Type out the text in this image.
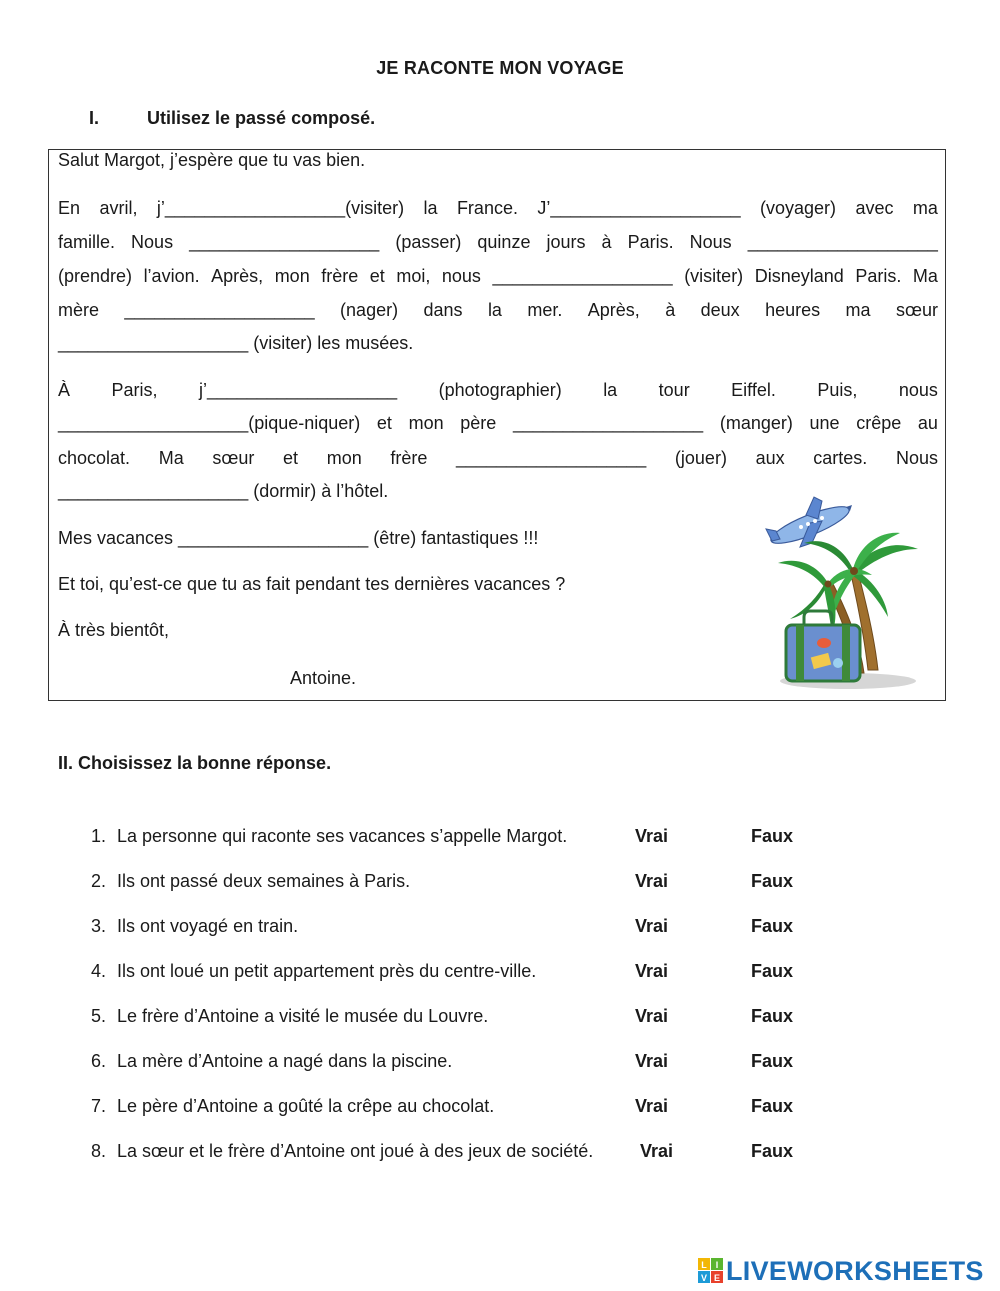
JE RACONTE MON VOYAGE
I.	Utilisez le passé composé.
Salut Margot, j’espère que tu vas bien.
En avril, j’__________________(visiter) la France. J’___________________ (voyager) avec ma
famille. Nous ___________________ (passer) quinze jours à Paris. Nous ___________________
(prendre) l’avion. Après, mon frère et moi, nous __________________ (visiter) Disneyland Paris. Ma
mère ___________________ (nager) dans la mer. Après, à deux heures ma sœur
___________________ (visiter) les musées.
À Paris, j’___________________ (photographier) la tour Eiffel. Puis, nous
___________________(pique-niquer) et mon père ___________________ (manger) une crêpe au
chocolat. Ma sœur et mon frère ___________________ (jouer) aux cartes. Nous
___________________ (dormir) à l’hôtel.
Mes vacances ___________________ (être) fantastiques !!!
Et toi, qu’est-ce que tu as fait pendant tes dernières vacances ?
À très bientôt,
Antoine.
II. Choisissez la bonne réponse.
1. La personne qui raconte ses vacances s’appelle Margot.	Vrai	Faux
2. Ils ont passé deux semaines à Paris.	Vrai	Faux
3. Ils ont voyagé en train.	Vrai	Faux
4. Ils ont loué un petit appartement près du centre-ville.	Vrai	Faux
5. Le frère d’Antoine a visité le musée du Louvre.	Vrai	Faux
6. La mère d’Antoine a nagé dans la piscine.	Vrai	Faux
7. Le père d’Antoine a goûté la crêpe au chocolat.	Vrai	Faux
8. La sœur et le frère d’Antoine ont joué à des jeux de société.	Vrai	Faux
L I
V E LIVEWORKSHEETS
